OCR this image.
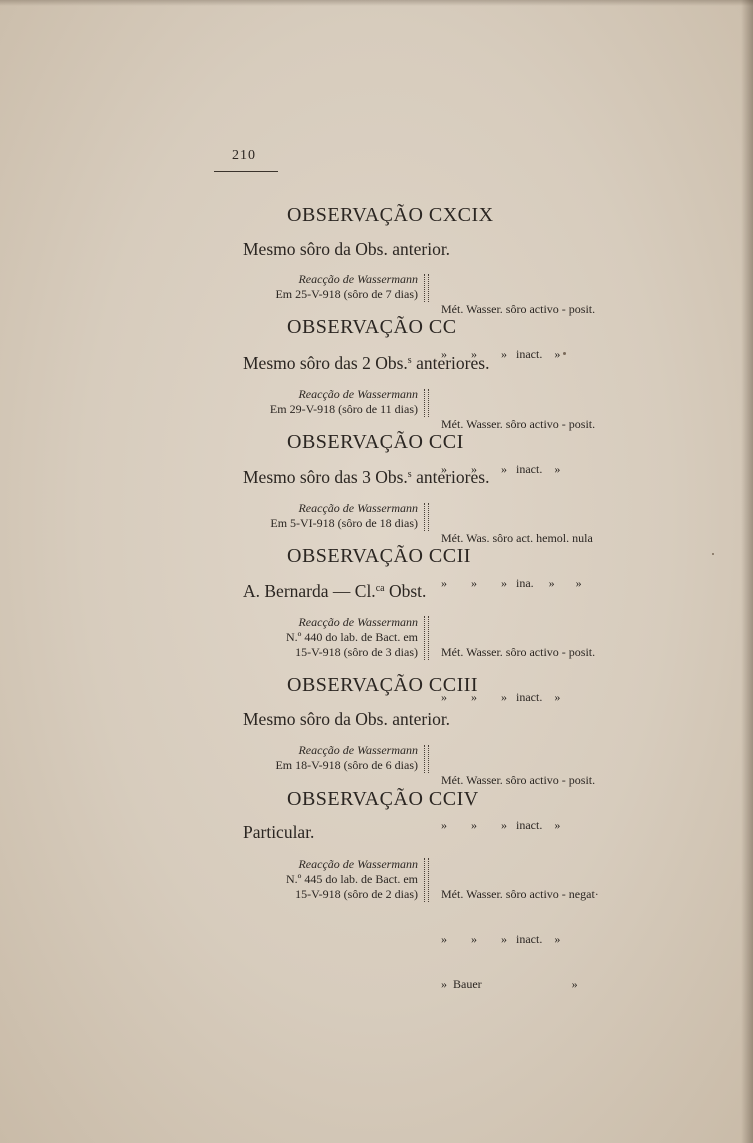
210
OBSERVAÇÃO CXCIX
Mesmo sôro da Obs. anterior.
Reacção de Wassermann
Em 25-V-918 (sôro de 7 dias)

Mét. Wasser. sôro activo - posit.

»        »        »   inact.    »

OBSERVAÇÃO CC
Mesmo sôro das 2 Obs.$^s$ anteriores.
Reacção de Wassermann
Em 29-V-918 (sôro de 11 dias)

Mét. Wasser. sôro activo - posit.

»        »        »   inact.    »

OBSERVAÇÃO CCI
Mesmo sôro das 3 Obs.$^s$ anteriores.
Reacção de Wassermann
Em 5-VI-918 (sôro de 18 dias)

Mét. Was. sôro act. hemol. nula

»        »        »   ina.     »       »

OBSERVAÇÃO CCII
A. Bernarda — Cl.$^{ca}$ Obst.
Reacção de Wassermann
N.º 440 do lab. de Bact. em
15-V-918 (sôro de 3 dias)

Mét. Wasser. sôro activo - posit.

»        »        »   inact.    »

OBSERVAÇÃO CCIII
Mesmo sôro da Obs. anterior.
Reacção de Wassermann
Em 18-V-918 (sôro de 6 dias)

Mét. Wasser. sôro activo - posit.

»        »        »   inact.    »

OBSERVAÇÃO CCIV
Particular.
Reacção de Wassermann
N.º 445 do lab. de Bact. em
15-V-918 (sôro de 2 dias)

Mét. Wasser. sôro activo - negat·

»        »        »   inact.    »

»  Bauer                              »
